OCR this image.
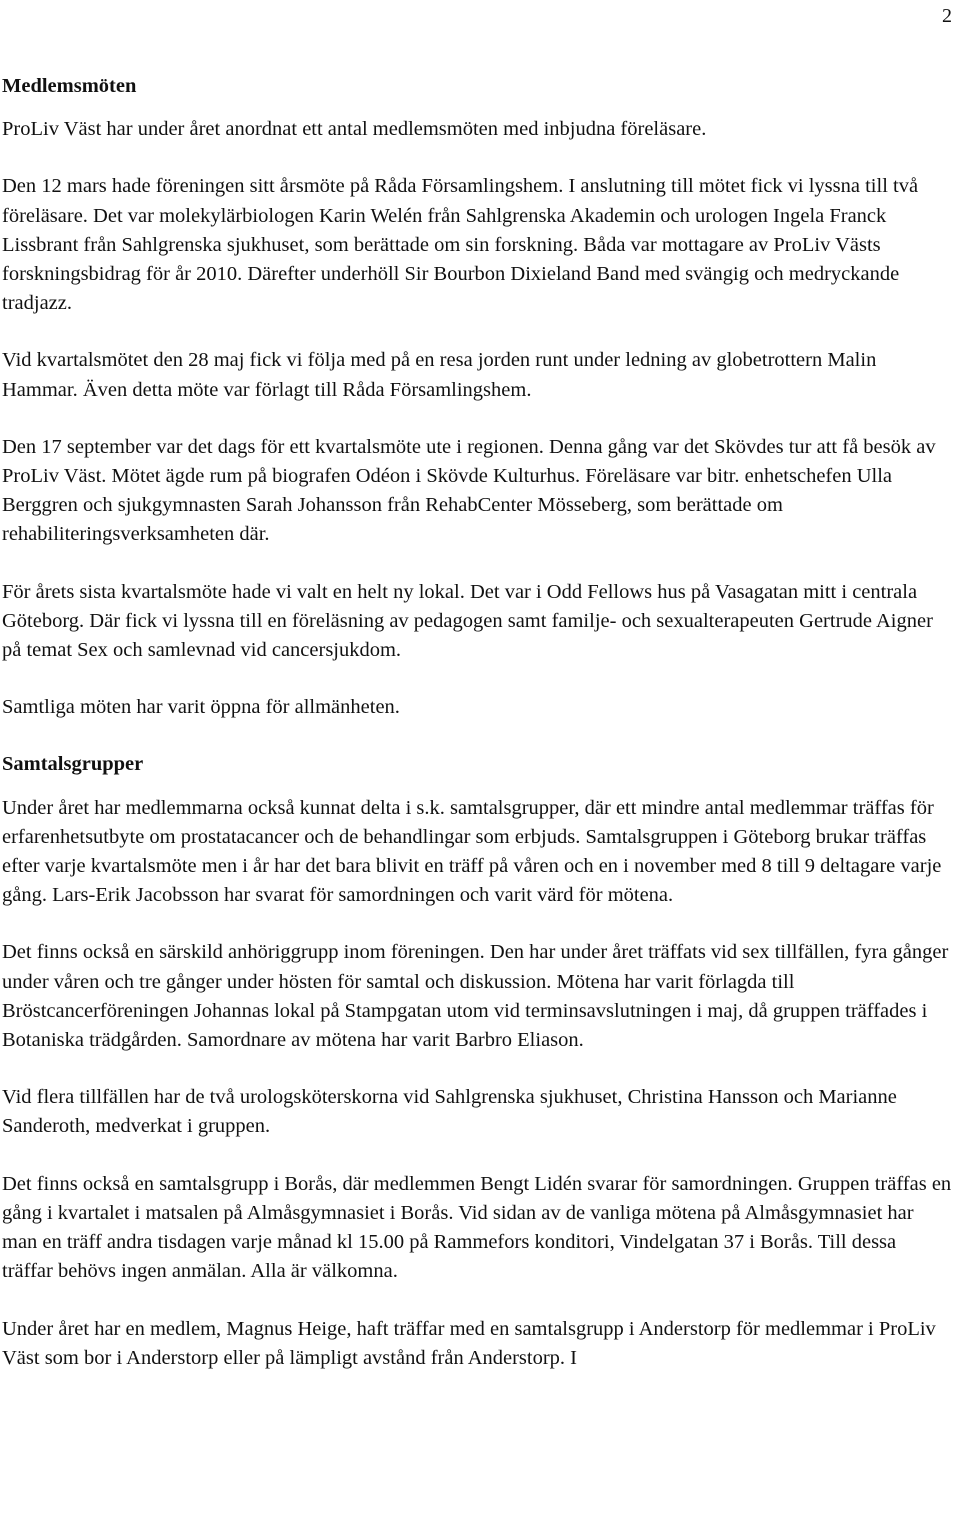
2
Medlemsmöten

ProLiv Väst har under året anordnat ett antal medlemsmöten med inbjudna föreläsare.

Den 12 mars hade föreningen sitt årsmöte på Råda Församlingshem. I anslutning till mötet fick vi lyssna till två föreläsare. Det var molekylärbiologen Karin Welén från Sahlgrenska Akademin och urologen Ingela Franck Lissbrant från Sahlgrenska sjukhuset, som berättade om sin forskning. Båda var mottagare av ProLiv Västs forskningsbidrag för år 2010. Därefter underhöll Sir Bourbon Dixieland Band med svängig och medryckande tradjazz.

Vid kvartalsmötet den 28 maj fick vi följa med på en resa jorden runt under ledning av globetrottern Malin Hammar. Även detta möte var förlagt till Råda Församlingshem.

Den 17 september var det dags för ett kvartalsmöte ute i regionen. Denna gång var det Skövdes tur att få besök av ProLiv Väst. Mötet ägde rum på biografen Odéon i Skövde Kulturhus. Föreläsare var bitr. enhetschefen Ulla Berggren och sjukgymnasten Sarah Johansson från RehabCenter Mösseberg, som berättade om rehabiliteringsverksamheten där.

För årets sista kvartalsmöte hade vi valt en helt ny lokal. Det var i Odd Fellows hus på Vasagatan mitt i centrala Göteborg. Där fick vi lyssna till en föreläsning av pedagogen samt familje- och sexualterapeuten Gertrude Aigner på temat Sex och samlevnad vid cancersjukdom.

Samtliga möten har varit öppna för allmänheten.

Samtalsgrupper

Under året har medlemmarna också kunnat delta i s.k. samtalsgrupper, där ett mindre antal medlemmar träffas för erfarenhetsutbyte om prostatacancer och de behandlingar som erbjuds. Samtalsgruppen i Göteborg brukar träffas efter varje kvartalsmöte men i år har det bara blivit en träff på våren och en i november med 8 till 9 deltagare varje gång. Lars-Erik Jacobsson har svarat för samordningen och varit värd för mötena.

Det finns också en särskild anhöriggrupp inom föreningen. Den har under året träffats vid sex tillfällen, fyra gånger under våren och tre gånger under hösten för samtal och diskussion. Mötena har varit förlagda till Bröstcancerföreningen Johannas lokal på Stampgatan utom vid terminsavslutningen i maj, då gruppen träffades i Botaniska trädgården. Samordnare av mötena har varit Barbro Eliason.

Vid flera tillfällen har de två urologsköterskorna vid Sahlgrenska sjukhuset, Christina Hansson och Marianne Sanderoth, medverkat i gruppen.

Det finns också en samtalsgrupp i Borås, där medlemmen Bengt Lidén svarar för samordningen. Gruppen träffas en gång i kvartalet i matsalen på Almåsgymnasiet i Borås. Vid sidan av de vanliga mötena på Almåsgymnasiet har man en träff andra tisdagen varje månad kl 15.00 på Rammefors konditori, Vindelgatan 37 i Borås. Till dessa träffar behövs ingen anmälan. Alla är välkomna.

Under året har en medlem, Magnus Heige, haft träffar med en samtalsgrupp i Anderstorp för medlemmar i ProLiv Väst som bor i Anderstorp eller på lämpligt avstånd från Anderstorp. I
